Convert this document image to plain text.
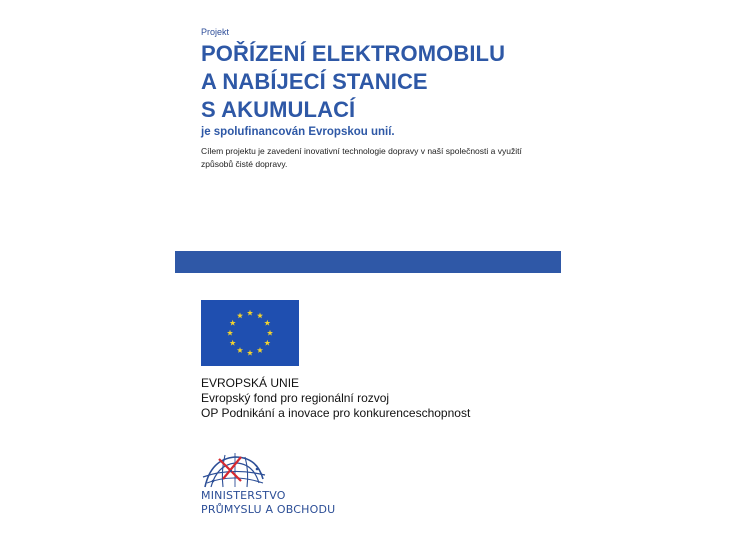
Projekt

POŘÍZENÍ ELEKTROMOBILU
A NABÍJECÍ STANICE
S AKUMULACÍ

je spolufinancován Evropskou unií.

Cílem projektu je zavedení inovativní technologie dopravy v naší společnosti a využití způsobů čisté dopravy.

EVROPSKÁ UNIE
Evropský fond pro regionální rozvoj
OP Podnikání a inovace pro konkurenceschopnost
MINISTERSTVO
PRŮMYSLU A OBCHODU
